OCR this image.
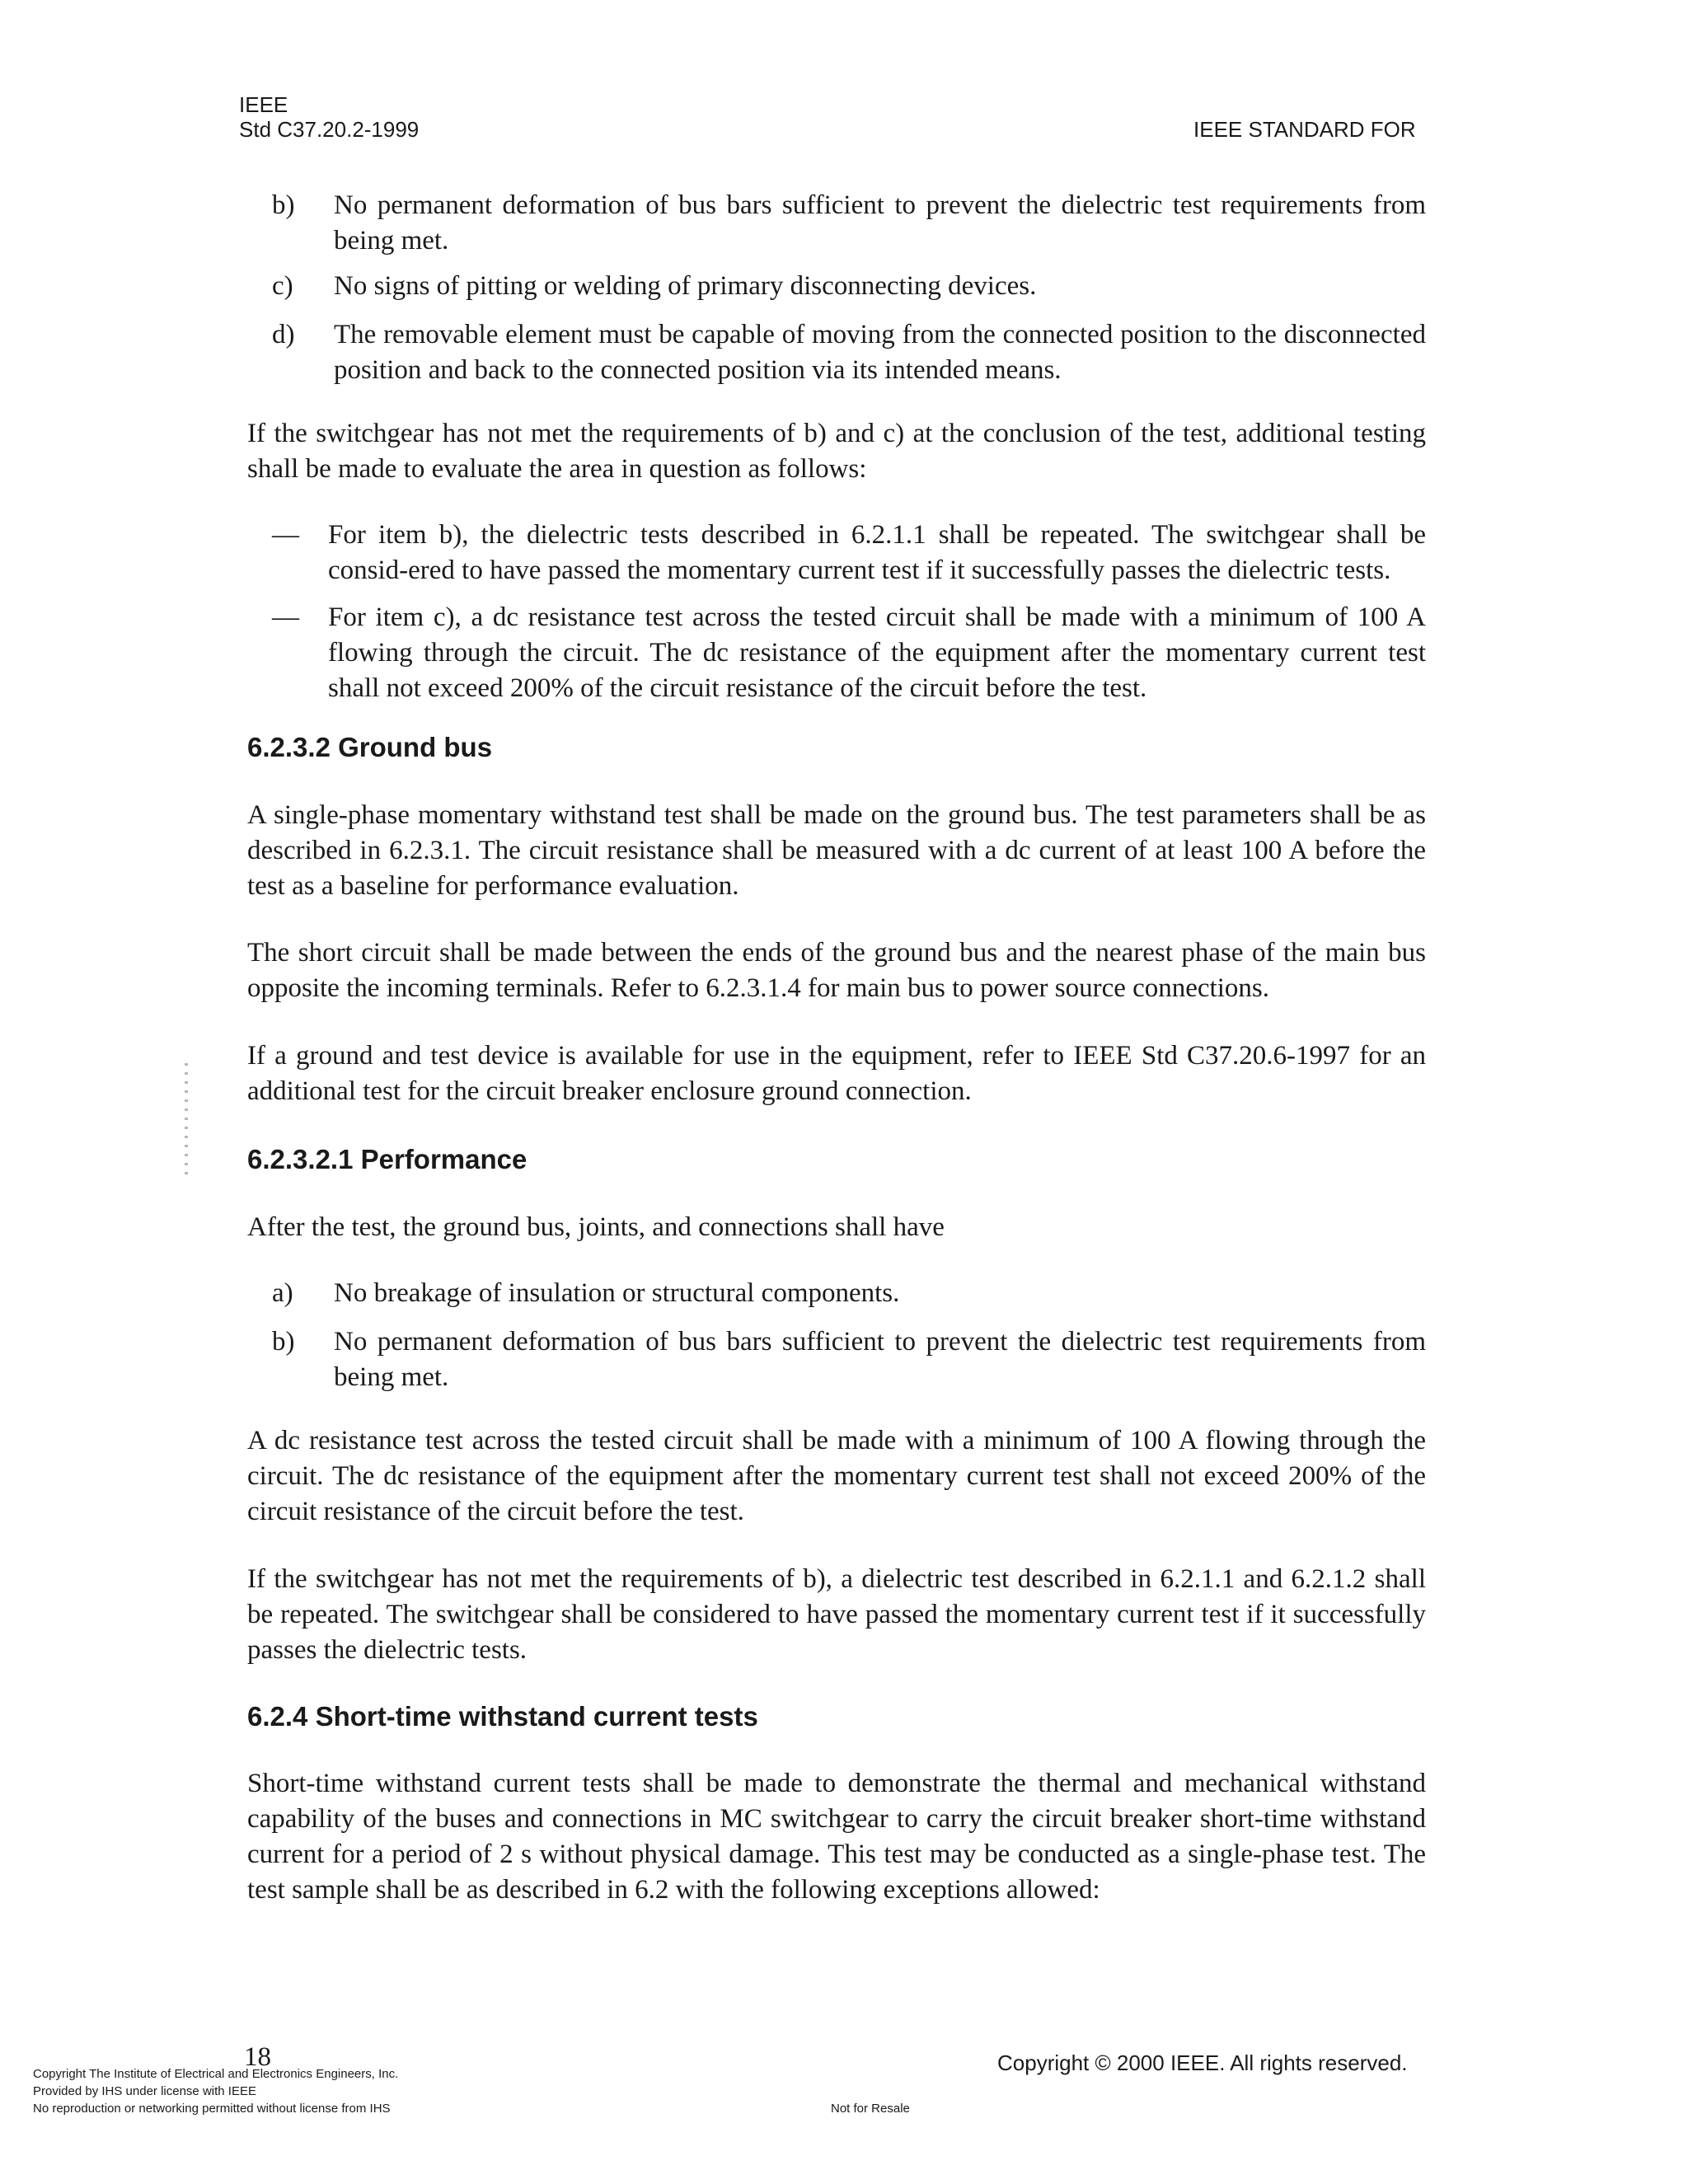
IEEE
Std C37.20.2-1999	IEEE STANDARD FOR
b) No permanent deformation of bus bars sufficient to prevent the dielectric test requirements from being met.
c) No signs of pitting or welding of primary disconnecting devices.
d) The removable element must be capable of moving from the connected position to the disconnected position and back to the connected position via its intended means.
If the switchgear has not met the requirements of b) and c) at the conclusion of the test, additional testing shall be made to evaluate the area in question as follows:
— For item b), the dielectric tests described in 6.2.1.1 shall be repeated. The switchgear shall be consid-ered to have passed the momentary current test if it successfully passes the dielectric tests.
— For item c), a dc resistance test across the tested circuit shall be made with a minimum of 100 A flowing through the circuit. The dc resistance of the equipment after the momentary current test shall not exceed 200% of the circuit resistance of the circuit before the test.
6.2.3.2 Ground bus
A single-phase momentary withstand test shall be made on the ground bus. The test parameters shall be as described in 6.2.3.1. The circuit resistance shall be measured with a dc current of at least 100 A before the test as a baseline for performance evaluation.
The short circuit shall be made between the ends of the ground bus and the nearest phase of the main bus opposite the incoming terminals. Refer to 6.2.3.1.4 for main bus to power source connections.
If a ground and test device is available for use in the equipment, refer to IEEE Std C37.20.6-1997 for an additional test for the circuit breaker enclosure ground connection.
6.2.3.2.1 Performance
After the test, the ground bus, joints, and connections shall have
a) No breakage of insulation or structural components.
b) No permanent deformation of bus bars sufficient to prevent the dielectric test requirements from being met.
A dc resistance test across the tested circuit shall be made with a minimum of 100 A flowing through the circuit. The dc resistance of the equipment after the momentary current test shall not exceed 200% of the circuit resistance of the circuit before the test.
If the switchgear has not met the requirements of b), a dielectric test described in 6.2.1.1 and 6.2.1.2 shall be repeated. The switchgear shall be considered to have passed the momentary current test if it successfully passes the dielectric tests.
6.2.4 Short-time withstand current tests
Short-time withstand current tests shall be made to demonstrate the thermal and mechanical withstand capability of the buses and connections in MC switchgear to carry the circuit breaker short-time withstand current for a period of 2 s without physical damage. This test may be conducted as a single-phase test. The test sample shall be as described in 6.2 with the following exceptions allowed:
18	Copyright © 2000 IEEE. All rights reserved.
Copyright The Institute of Electrical and Electronics Engineers, Inc.
Provided by IHS under license with IEEE
No reproduction or networking permitted without license from IHS	Not for Resale
